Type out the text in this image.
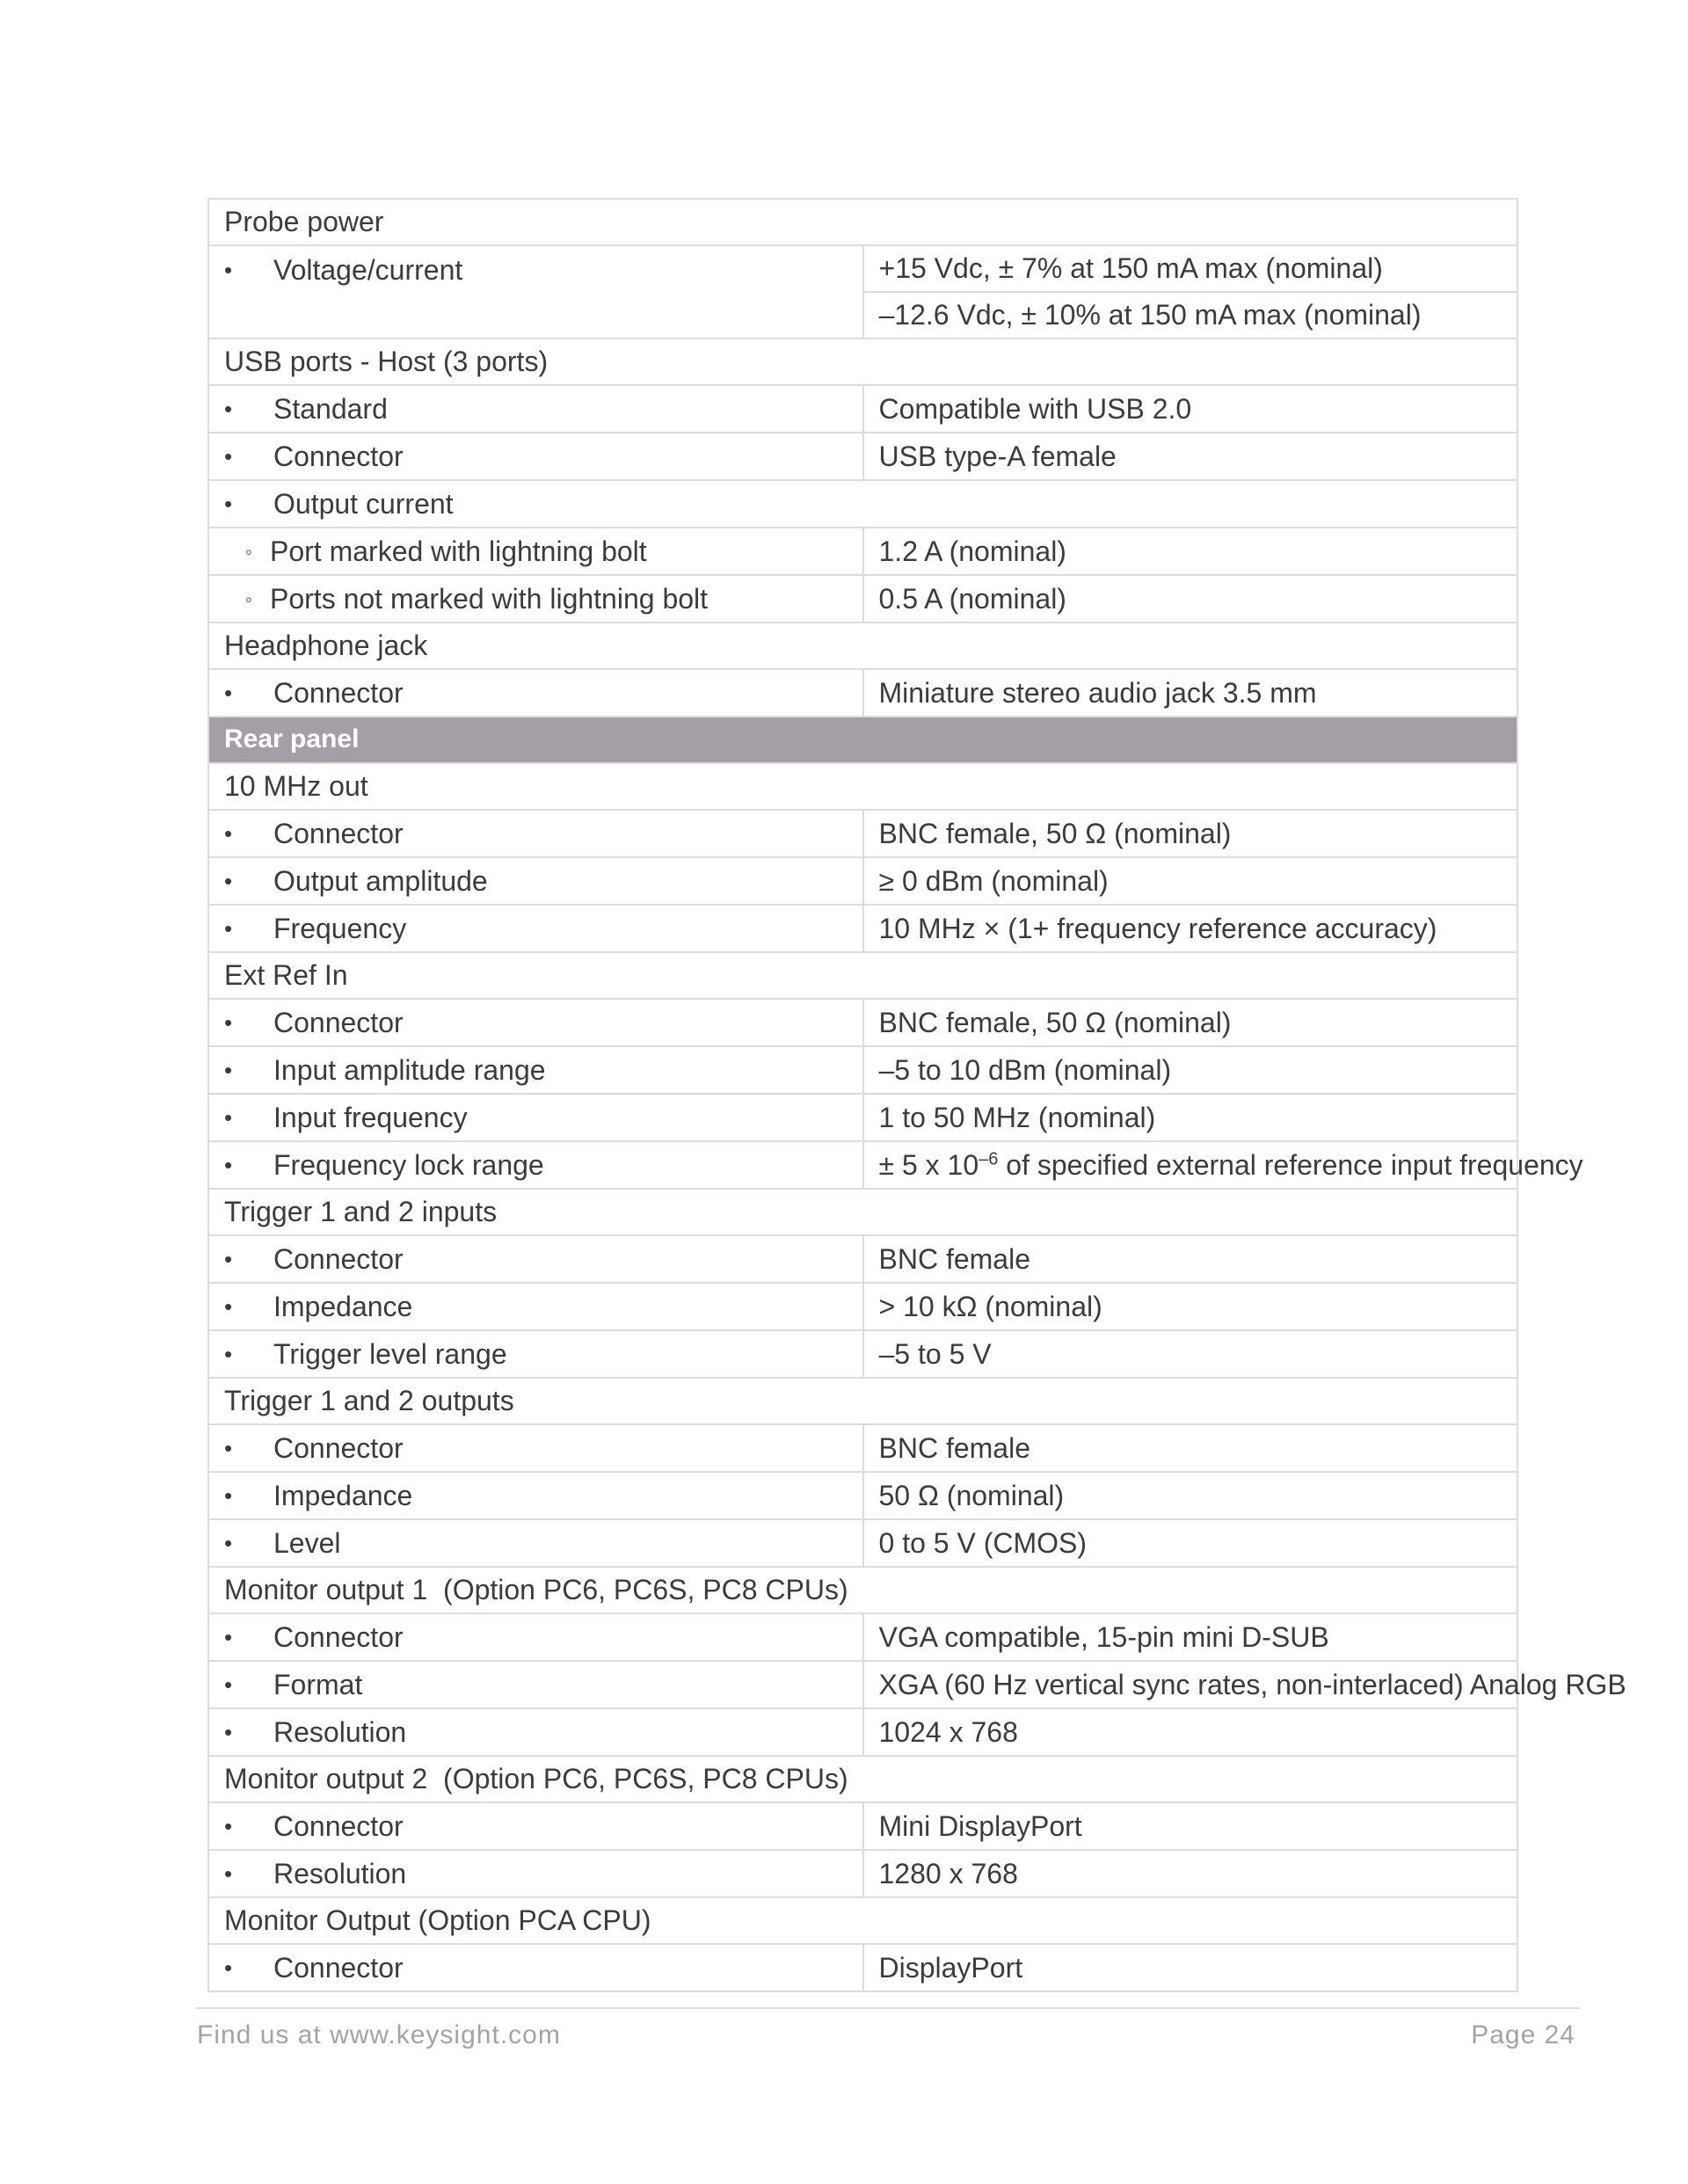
Probe power	
• Voltage/current	+15 Vdc, ± 7% at 150 mA max (nominal)
	–12.6 Vdc, ± 10% at 150 mA max (nominal)
USB ports - Host (3 ports)	
• Standard	Compatible with USB 2.0
• Connector	USB type-A female
• Output current	
◦ Port marked with lightning bolt	1.2 A (nominal)
◦ Ports not marked with lightning bolt	0.5 A (nominal)
Headphone jack	
• Connector	Miniature stereo audio jack 3.5 mm
Rear panel	
10 MHz out	
• Connector	BNC female, 50 Ω (nominal)
• Output amplitude	≥ 0 dBm (nominal)
• Frequency	10 MHz × (1+ frequency reference accuracy)
Ext Ref In	
• Connector	BNC female, 50 Ω (nominal)
• Input amplitude range	–5 to 10 dBm (nominal)
• Input frequency	1 to 50 MHz (nominal)
• Frequency lock range	± 5 x $10^{-6}$ of specified external reference input frequency
Trigger 1 and 2 inputs	
• Connector	BNC female
• Impedance	> 10 kΩ (nominal)
• Trigger level range	–5 to 5 V
Trigger 1 and 2 outputs	
• Connector	BNC female
• Impedance	50 Ω (nominal)
• Level	0 to 5 V (CMOS)
Monitor output 1  (Option PC6, PC6S, PC8 CPUs)	
• Connector	VGA compatible, 15-pin mini D-SUB
• Format	XGA (60 Hz vertical sync rates, non-interlaced) Analog RGB
• Resolution	1024 x 768
Monitor output 2  (Option PC6, PC6S, PC8 CPUs)	
• Connector	Mini DisplayPort
• Resolution	1280 x 768
Monitor Output (Option PCA CPU)	
• Connector	DisplayPort
Find us at www.keysight.com	Page 24
